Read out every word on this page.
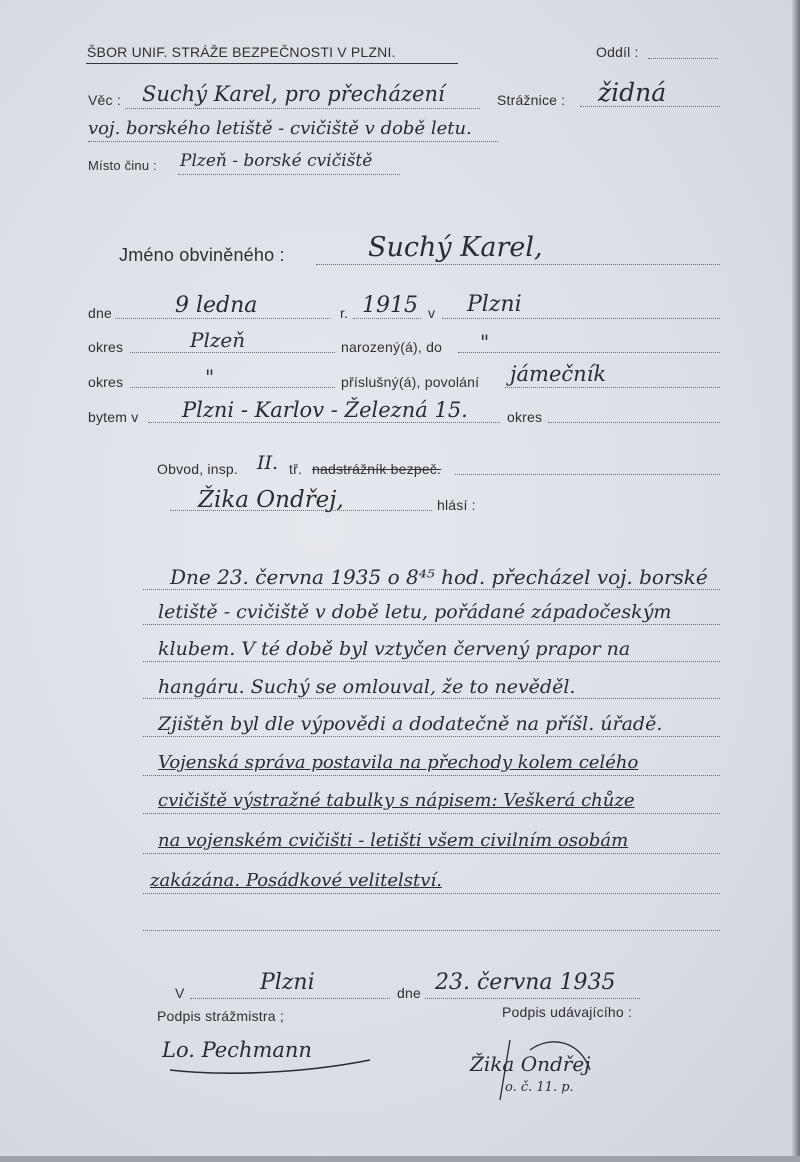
ŠBOR UNIF. STRÁŽE BEZPEČNOSTI V PLZNI.	Oddíl :
Věc : Suchý Karel, pro přecházení
voj. borského letiště - cvičiště v době letu.
Strážnice : židná
Místo činu : Plzeň - borské cvičiště
Jméno obviněného :	Suchý Karel,
dne	9 ledna	r. 1915 v Plzni
okres	Plzeň	narozený(á), do "
okres	"	příslušný(á), povolání jámečník
bytem v Plzni - Karlov - Železná 15.	okres
Obvod, insp. II. tř. nadstrážník bezpeč.
Žika Ondřej,	hlásí :
Dne 23. června 1935 o 8⁴⁵ hod. přecházel voj. borské
letiště - cvičiště v době letu, pořádané západočeským
klubem. V té době byl vztyčen červený prapor na
hangáru. Suchý se omlouval, že to nevěděl.
Zjištěn byl dle výpovědi a dodatečně na příšl. úřadě.
Vojenská správa postavila na přechody kolem celého
cvičiště výstražné tabulky s nápisem: Veškerá chůze
na vojenském cvičišti - letišti všem civilním osobám
zakázána. Posádkové velitelství.
V	Plzni	dne 23. června 1935
Podpis strážmistra ;	Podpis udávajícího :
Lo. Pechmann
Žika Ondřej
o. č. 11. p.
